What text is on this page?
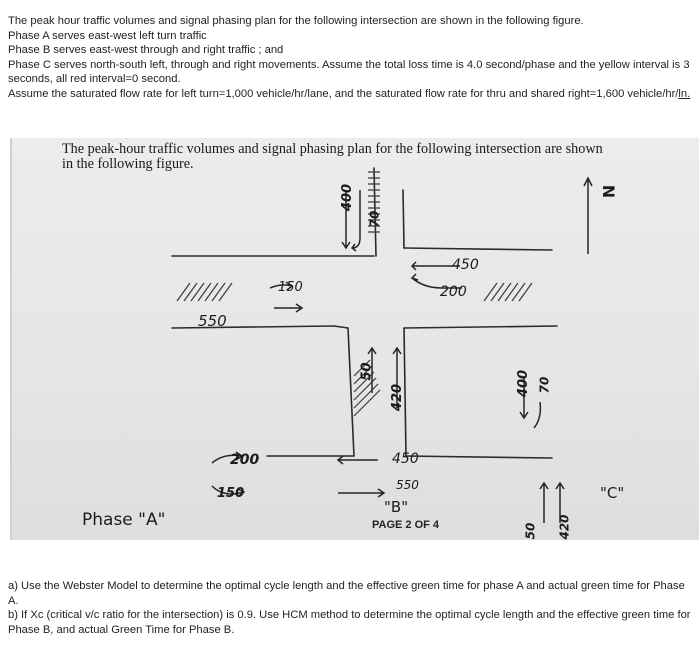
The peak hour traffic volumes and signal phasing plan for the following intersection are shown in the following figure.

Phase A serves east-west left turn traffic

Phase B serves east-west through and right traffic ; and

Phase C serves north-south left, through and right movements. Assume the total loss time is 4.0 second/phase and the yellow interval is 3 seconds, all red interval=0 second.

Assume the saturated flow rate for left turn=1,000 vehicle/hr/lane, and the saturated flow rate for thru and shared right=1,600 vehicle/hr/ln.

The peak-hour traffic volumes and signal phasing plan for the following intersection are shown

in the following figure.

N
400
70
450
200
150
550
50
420
Phase "A"
200
150
450
550
"B"
"C"
400 70
50 420
PAGE 2 OF 4

a) Use the Webster Model to determine the optimal cycle length and the effective green time for phase A and actual green time for Phase A.

b) If Xc (critical v/c ratio for the intersection) is 0.9. Use HCM method to determine the optimal cycle length and the effective green time for Phase B, and actual Green Time for Phase B.
